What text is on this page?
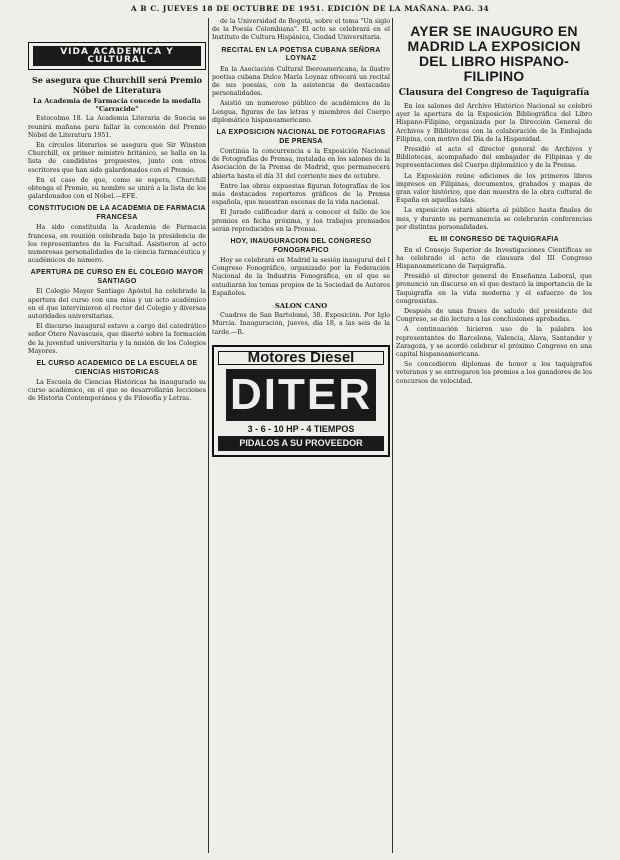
A B C. JUEVES 18 DE OCTUBRE DE 1951. EDICIÓN DE LA MAÑANA. PAG. 34
VIDA ACADEMICA Y CULTURAL
Se asegura que Churchill será Premio Nóbel de Literatura
La Academia de Farmacia concede la medalla "Carracido"

Estocolmo 18. La Academia Literaria de Suecia se reunirá mañana para fallar la concesión del Premio Nóbel de Literatura 1951.

En círculos literarios se asegura que Sir Winston Churchill, ex primer ministro británico, se halla en la lista de candidatos propuestos, junto con otros escritores que han sido galardonados con el Premio.

En el caso de que, como se espera, Churchill obtenga el Premio, su nombre se unirá a la lista de los galardonados con el Nóbel.—EFE.

CONSTITUCION DE LA ACADEMIA DE FARMACIA FRANCESA

Ha sido constituida la Academia de Farmacia francesa, en reunión celebrada bajo la presidencia de los representantes de la Facultad. Asistieron al acto numerosas personalidades de la ciencia farmacéutica y académicos de número.

APERTURA DE CURSO EN EL COLEGIO MAYOR SANTIAGO

El Colegio Mayor Santiago Apóstol ha celebrado la apertura del curso con una misa y un acto académico en el que intervinieron el rector del Colegio y diversas autoridades universitarias.

El discurso inaugural estuvo a cargo del catedrático señor Otero Navascués, que disertó sobre la formación de la juventud universitaria y la misión de los Colegios Mayores.

EL CURSO ACADEMICO DE LA ESCUELA DE CIENCIAS HISTORICAS

La Escuela de Ciencias Históricas ha inaugurado su curso académico, en el que se desarrollarán lecciones de Historia Contemporánea y de Filosofía y Letras.

de la Universidad de Bogotá, sobre el tema "Un siglo de la Poesía Colombiana". El acto se celebrará en el Instituto de Cultura Hispánica, Ciudad Universitaria.

RECITAL EN LA POETISA CUBANA SEÑORA LOYNAZ

En la Asociación Cultural Iberoamericana, la ilustre poetisa cubana Dulce María Loynaz ofrecerá un recital de sus poesías, con la asistencia de destacadas personalidades.

Asistió un numeroso público de académicos de la Lengua, figuras de las letras y miembros del Cuerpo diplomático hispanoamericano.

LA EXPOSICION NACIONAL DE FOTOGRAFIAS DE PRENSA

Continúa la concurrencia a la Exposición Nacional de Fotografías de Prensa, instalada en los salones de la Asociación de la Prensa de Madrid, que permanecerá abierta hasta el día 31 del corriente mes de octubre.

Entre las obras expuestas figuran fotografías de los más destacados reporteros gráficos de la Prensa española, que muestran escenas de la vida nacional.

El Jurado calificador dará a conocer el fallo de los premios en fecha próxima, y los trabajos premiados serán reproducidos en la Prensa.

HOY, INAUGURACION DEL CONGRESO FONOGRAFICO

Hoy se celebrará en Madrid la sesión inaugural del I Congreso Fonográfico, organizado por la Federación Nacional de la Industria Fonográfica, en el que se estudiarán los temas propios de la Sociedad de Autores Españoles.

SALON CANO

Cuadros de San Bartolomé, 38. Exposición. Por Iglo Murcia. Inauguración, jueves, día 18, a las seis de la tarde.—R.

Motores Diesel
DITER
3 - 6 - 10 HP - 4 TIEMPOS
PIDALOS A SU PROVEEDOR
AYER SE INAUGURO EN MADRID LA EXPOSICION DEL LIBRO HISPANO-FILIPINO
Clausura del Congreso de Taquigrafía

En los salones del Archivo Histórico Nacional se celebró ayer la apertura de la Exposición Bibliográfica del Libro Hispano-Filipino, organizada por la Dirección General de Archivos y Bibliotecas con la colaboración de la Embajada Filipina, con motivo del Día de la Hispanidad.

Presidió el acto el director general de Archivos y Bibliotecas, acompañado del embajador de Filipinas y de representaciones del Cuerpo diplomático y de la Prensa.

La Exposición reúne ediciones de los primeros libros impresos en Filipinas, documentos, grabados y mapas de gran valor histórico, que dan muestra de la obra cultural de España en aquellas islas.

La exposición estará abierta al público hasta finales de mes, y durante su permanencia se celebrarán conferencias por distintas personalidades.

EL III CONGRESO DE TAQUIGRAFIA

En el Consejo Superior de Investigaciones Científicas se ha celebrado el acto de clausura del III Congreso Hispanoamericano de Taquigrafía.

Presidió el director general de Enseñanza Laboral, que pronunció un discurso en el que destacó la importancia de la Taquigrafía en la vida moderna y el esfuerzo de los congresistas.

Después de unas frases de saludo del presidente del Congreso, se dio lectura a las conclusiones aprobadas.

A continuación hicieron uso de la palabra los representantes de Barcelona, Valencia, Alava, Santander y Zaragoza, y se acordó celebrar el próximo Congreso en una capital hispanoamericana.

Se concedieron diplomas de honor a los taquígrafos veteranos y se entregaron los premios a los ganadores de los concursos de velocidad.
